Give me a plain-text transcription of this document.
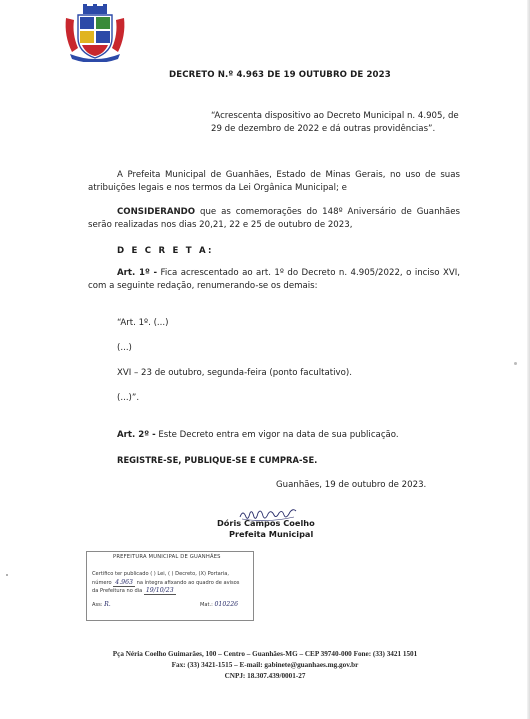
DECRETO N.º 4.963 DE 19 OUTUBRO DE 2023
“Acrescenta dispositivo ao Decreto Municipal n. 4.905, de 29 de dezembro de 2022 e dá outras providências”.
A Prefeita Municipal de Guanhães, Estado de Minas Gerais, no uso de suas atribuições legais e nos termos da Lei Orgânica Municipal; e
CONSIDERANDO que as comemorações do 148º Aniversário de Guanhães serão realizadas nos dias 20,21, 22 e 25 de outubro de 2023,
D E C R E T A:
Art. 1º - Fica acrescentado ao art. 1º do Decreto n. 4.905/2022, o inciso XVI, com a seguinte redação, renumerando-se os demais:
“Art. 1º. (...)
(...)
XVI – 23 de outubro, segunda-feira (ponto facultativo).
(...)”.
Art. 2º - Este Decreto entra em vigor na data de sua publicação.
REGISTRE-SE, PUBLIQUE-SE E CUMPRA-SE.
Guanhães, 19 de outubro de 2023.
Dóris Campos Coelho
Prefeita Municipal
PREFEITURA MUNICIPAL DE GUANHÃES
Certifico ter publicado ( ) Lei, ( ) Decreto, (X) Portaria,
número 4.963 na íntegra afixando ao quadro de avisos
da Prefeitura no dia 19/10/23
Ass: R.	Mat.: 010226
Pça Néria Coelho Guimarães, 100 – Centro – Guanhães-MG – CEP 39740-000 Fone: (33) 3421 1501
Fax: (33) 3421-1515 – E-mail: gabinete@guanhaes.mg.gov.br
CNPJ: 18.307.439/0001-27
